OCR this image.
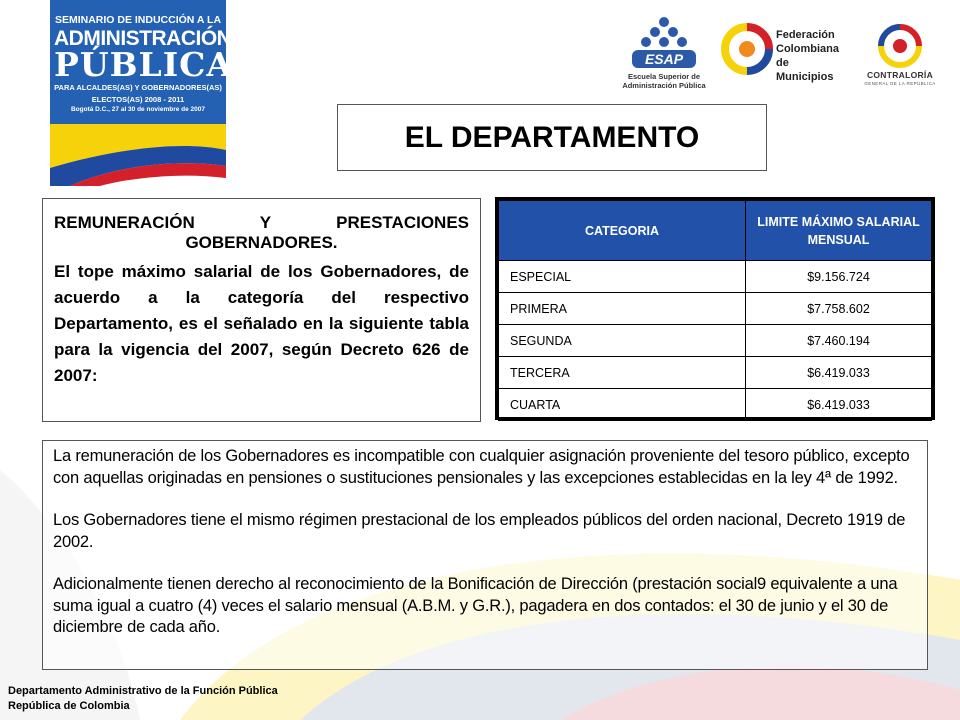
SEMINARIO DE INDUCCIÓN A LA
ADMINISTRACIÓN
PÚBLICA
PARA ALCALDES(AS) Y GOBERNADORES(AS)
ELECTOS(AS) 2008 - 2011
Bogotá D.C., 27 al 30 de noviembre de 2007
ESAP
Escuela Superior de
Administración Pública
Federación
Colombiana
de Municipios	CONTRALORÍA
GENERAL DE LA REPÚBLICA
EL DEPARTAMENTO
REMUNERACIÓN Y PRESTACIONES GOBERNADORES.
El tope máximo salarial de los Gobernadores, de acuerdo a la categoría del respectivo Departamento, es el señalado en la siguiente tabla para la vigencia del 2007, según Decreto 626 de 2007:
CATEGORIA	LIMITE MÁXIMO SALARIAL MENSUAL
ESPECIAL	$9.156.724
PRIMERA	$7.758.602
SEGUNDA	$7.460.194
TERCERA	$6.419.033
CUARTA	$6.419.033

La remuneración de los Gobernadores es incompatible con cualquier asignación proveniente del tesoro público, excepto con aquellas originadas en pensiones o sustituciones pensionales y las excepciones establecidas en la ley 4ª de 1992.

Los Gobernadores tiene el mismo régimen prestacional de los empleados públicos del orden nacional, Decreto 1919 de 2002.

Adicionalmente tienen derecho al reconocimiento de la Bonificación de Dirección (prestación social9 equivalente a una suma igual a cuatro (4) veces el salario mensual (A.B.M. y G.R.), pagadera en dos contados: el 30 de junio y el 30 de diciembre de cada año.

Departamento Administrativo de la Función Pública
República de Colombia
